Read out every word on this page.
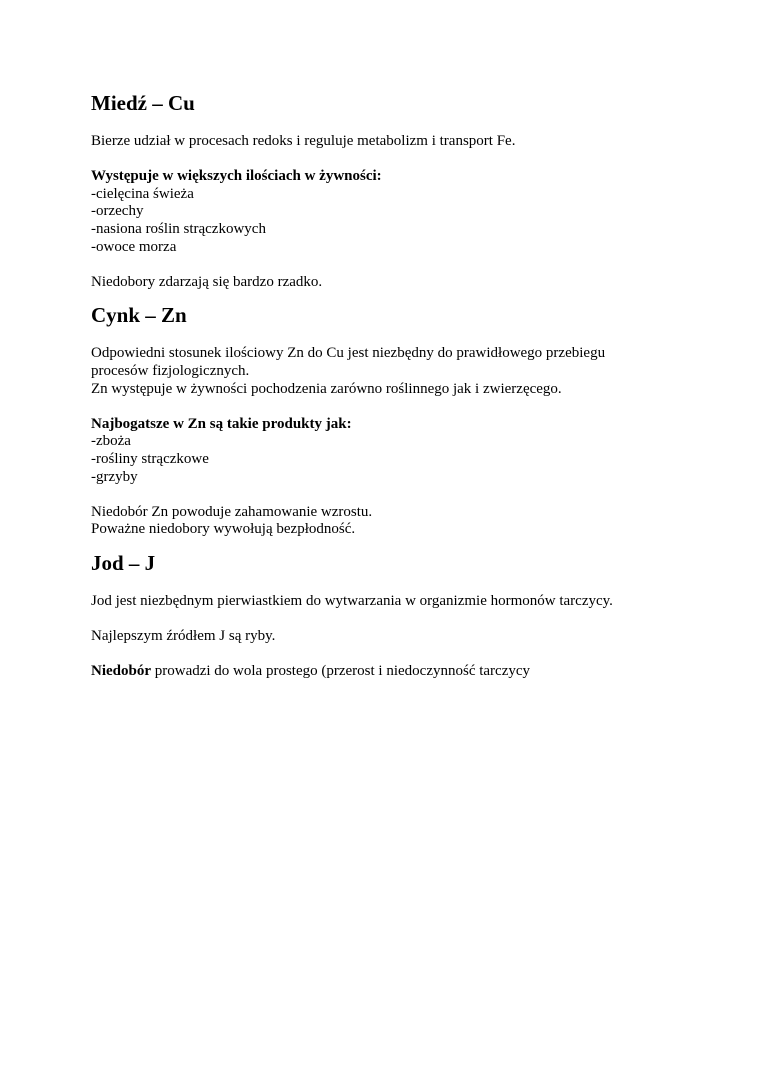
Miedź – Cu

Bierze udział w procesach redoks i reguluje metabolizm i transport Fe.

Występuje w większych ilościach w żywności:

-cielęcina świeża

-orzechy

-nasiona roślin strączkowych

-owoce morza

Niedobory zdarzają się bardzo rzadko.

Cynk – Zn

Odpowiedni stosunek ilościowy Zn do Cu jest niezbędny do prawidłowego przebiegu

procesów fizjologicznych.

Zn występuje w żywności pochodzenia zarówno roślinnego jak i zwierzęcego.

Najbogatsze w Zn są takie produkty jak:

-zboża

-rośliny strączkowe

-grzyby

Niedobór Zn powoduje zahamowanie wzrostu.

Poważne niedobory wywołują bezpłodność.

Jod – J

Jod jest niezbędnym pierwiastkiem do wytwarzania w organizmie hormonów tarczycy.

Najlepszym źródłem J są ryby.

Niedobór prowadzi do wola prostego (przerost i niedoczynność tarczycy
